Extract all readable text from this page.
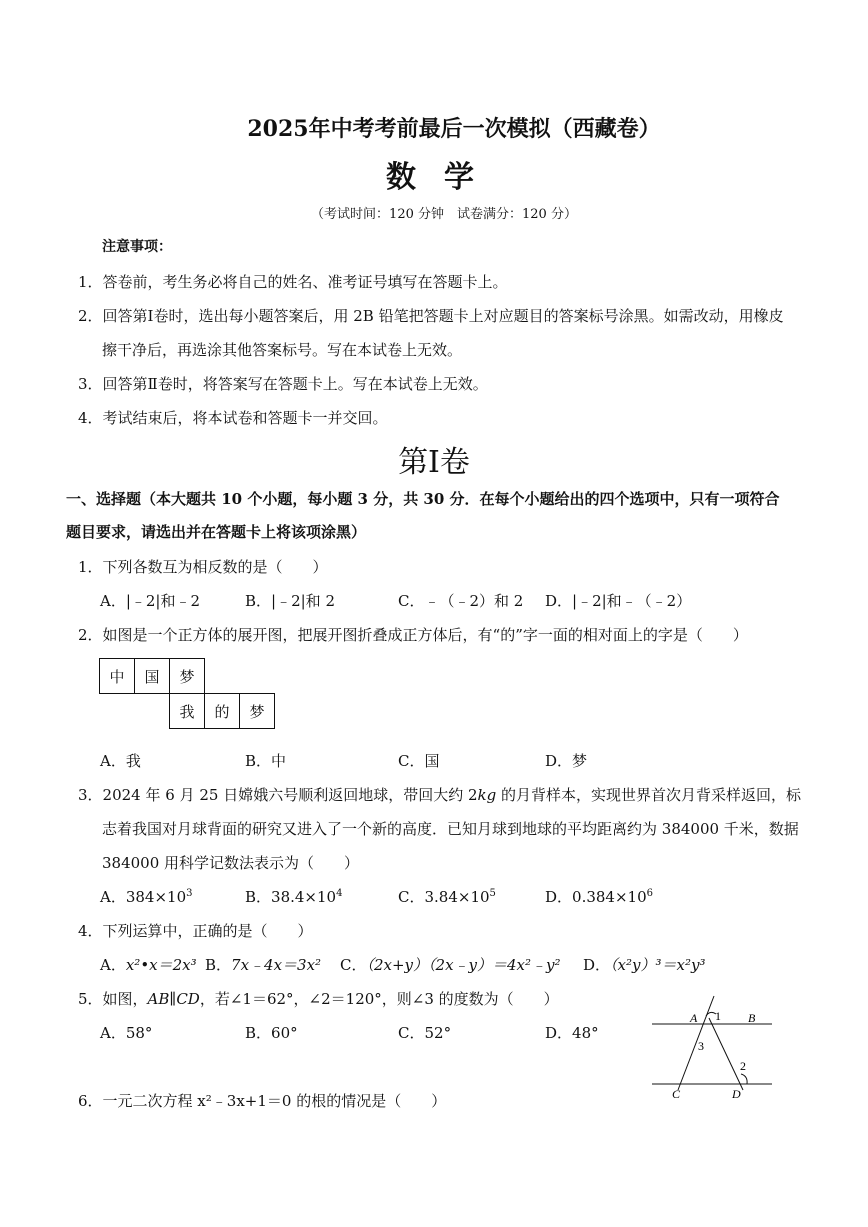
2025年中考考前最后一次模拟（西藏卷）
数学
（考试时间：120 分钟　试卷满分：120 分）
注意事项：
1．答卷前，考生务必将自己的姓名、准考证号填写在答题卡上。
2．回答第Ⅰ卷时，选出每小题答案后，用 2B 铅笔把答题卡上对应题目的答案标号涂黑。如需改动，用橡皮
擦干净后，再选涂其他答案标号。写在本试卷上无效。
3．回答第Ⅱ卷时，将答案写在答题卡上。写在本试卷上无效。
4．考试结束后，将本试卷和答题卡一并交回。
第Ⅰ卷
一、选择题（本大题共 10 个小题，每小题 3 分，共 30 分．在每个小题给出的四个选项中，只有一项符合
题目要求，请选出并在答题卡上将该项涂黑）
1．下列各数互为相反数的是（　　）
A．|﹣2|和﹣2	B．|﹣2|和 2	C．﹣（﹣2）和 2 D．|﹣2|和﹣（﹣2）
2．如图是一个正方体的展开图，把展开图折叠成正方体后，有“的”字一面的相对面上的字是（　　）
中	国	梦		
		我	的	梦
A．我	B．中	C．国	D．梦
3．2024 年 6 月 25 日嫦娥六号顺利返回地球，带回大约 2kg 的月背样本，实现世界首次月背采样返回，标
志着我国对月球背面的研究又进入了一个新的高度．已知月球到地球的平均距离约为 384000 千米，数据
384000 用科学记数法表示为（　　）
A．$384\times 10^3$	B．$38.4\times 10^4$	C．$3.84\times 10^5$	D．$0.384\times 10^6$
4．下列运算中，正确的是（　　）
A．x²•x＝2x³ B．7x﹣4x＝3x² C．（2x+y）（2x﹣y）＝4x²﹣y² D．（x²y）³＝x²y³
5．如图，AB∥CD，若∠1＝62°，∠2＝120°，则∠3 的度数为（　　）
A．58°	B．60°	C．52°	D．48°
A	B
C	D
1
2
3
6．一元二次方程 x²﹣3x+1＝0 的根的情况是（　　）
